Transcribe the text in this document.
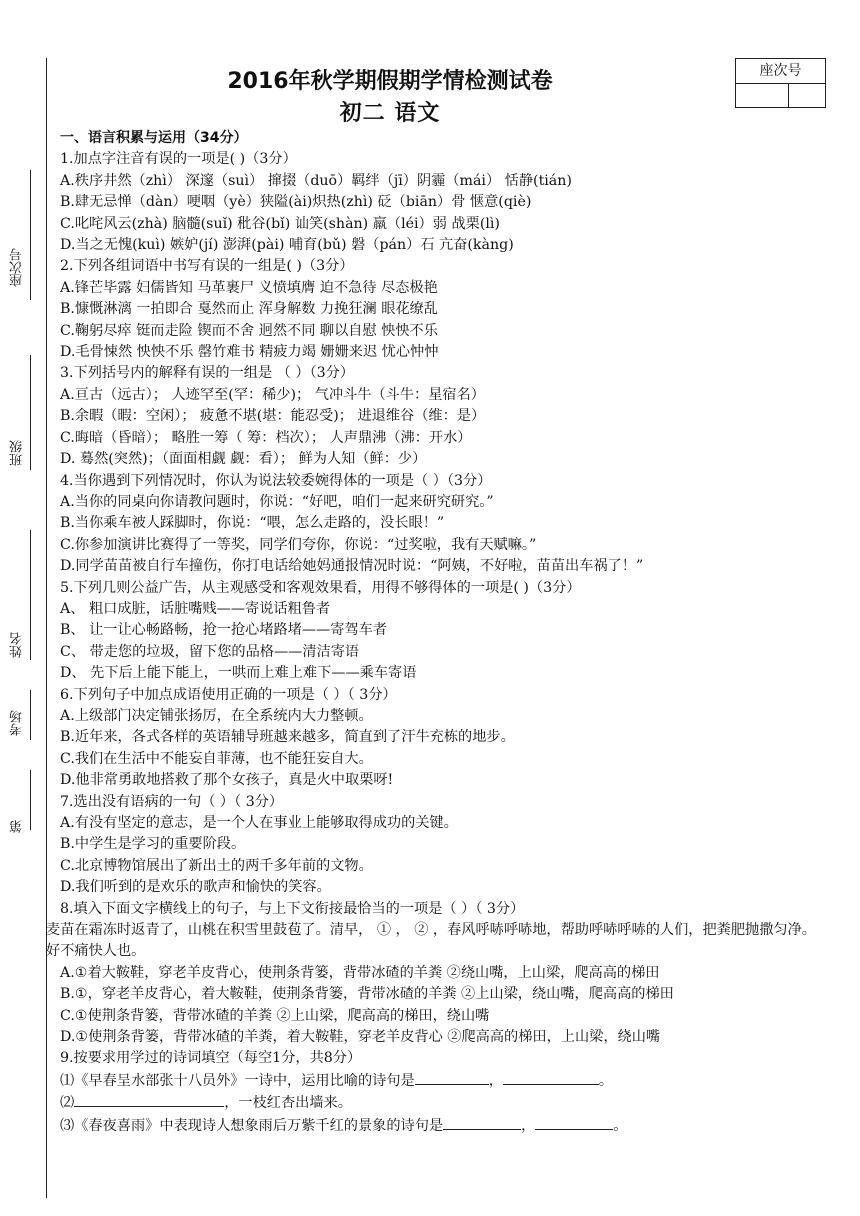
座次号
班级
姓名
考场
第
座次号
2016年秋学期假期学情检测试卷
初二 语文
一、语言积累与运用（34分）
1.加点字注音有误的一项是( )（3分）
A.秩序井然（zhì） 深邃（suì） 撺掇（duō）羁绊（jī）阴霾（mái） 恬静(tián)
B.肆无忌惮（dàn）哽咽（yè）狭隘(ài)炽热(zhì) 砭（biān）骨 惬意(qiè)
C.叱咤风云(zhà) 脑髓(suǐ) 秕谷(bǐ) 讪笑(shàn) 羸（léi）弱 战栗(lì)
D.当之无愧(kuì) 嫉妒(jí) 澎湃(pài) 哺育(bǔ) 磐（pán）石 亢奋(kàng)
2.下列各组词语中书写有误的一组是( )（3分）
A.锋芒毕露 妇儒皆知 马革裹尸 义愤填膺 迫不急待 尽态极艳
B.慷慨淋漓 一拍即合 戛然而止 浑身解数 力挽狂澜 眼花缭乱
C.鞠躬尽瘁 铤而走险 锲而不舍 迥然不同 聊以自慰 怏怏不乐
D.毛骨悚然 怏怏不乐 罄竹难书 精疲力竭 姗姗来迟 忧心忡忡
3.下列括号内的解释有误的一组是 （ ）（3分）
A.亘古（远古）； 人迹罕至(罕：稀少)； 气冲斗牛（斗牛：星宿名）
B.余暇（暇：空闲）； 疲惫不堪(堪：能忍受)； 进退维谷（维：是）
C.晦暗（昏暗）； 略胜一筹（ 筹：档次）； 人声鼎沸（沸：开水）
D. 蓦然(突然)；（面面相觑 觑：看）； 鲜为人知（鲜：少）
4.当你遇到下列情况时，你认为说法较委婉得体的一项是（ ）（3分）
A.当你的同桌向你请教问题时，你说：“好吧，咱们一起来研究研究。”
B.当你乘车被人踩脚时，你说：“喂，怎么走路的，没长眼！”
C.你参加演讲比赛得了一等奖，同学们夸你，你说：“过奖啦，我有天赋嘛。”
D.同学苗苗被自行车撞伤，你打电话给她妈通报情况时说：“阿姨，不好啦，苗苗出车祸了！”
5.下列几则公益广告，从主观感受和客观效果看，用得不够得体的一项是( )（3分）
A、 粗口成脏，话脏嘴贱——寄说话粗鲁者
B、 让一让心畅路畅，抢一抢心堵路堵——寄驾车者
C、 带走您的垃圾，留下您的品格——清洁寄语
D、 先下后上能下能上，一哄而上难上难下——乘车寄语
6.下列句子中加点成语使用正确的一项是（ ）（ 3分）
A.上级部门决定铺张扬厉，在全系统内大力整顿。
B.近年来，各式各样的英语辅导班越来越多，简直到了汗牛充栋的地步。
C.我们在生活中不能妄自菲薄，也不能狂妄自大。
D.他非常勇敢地搭救了那个女孩子，真是火中取栗呀!
7.选出没有语病的一句（ ）（ 3分）
A.有没有坚定的意志，是一个人在事业上能够取得成功的关键。
B.中学生是学习的重要阶段。
C.北京博物馆展出了新出土的两千多年前的文物。
D.我们听到的是欢乐的歌声和愉快的笑容。
8.填入下面文字横线上的句子，与上下文衔接最恰当的一项是（ ）（ 3分）
麦苗在霜冻时返青了，山桃在积雪里鼓苞了。清早， ① ， ② ，春风呼哧呼哧地，帮助呼哧呼哧的人们，把粪肥抛撒匀净。好不痛快人也。
A.①着大鞍鞋，穿老羊皮背心，使荆条背篓，背带冰碴的羊粪 ②绕山嘴，上山梁，爬高高的梯田
B.①，穿老羊皮背心，着大鞍鞋，使荆条背篓，背带冰碴的羊粪 ②上山梁，绕山嘴，爬高高的梯田
C.①使荆条背篓，背带冰碴的羊粪 ②上山梁，爬高高的梯田，绕山嘴
D.①使荆条背篓，背带冰碴的羊粪，着大鞍鞋，穿老羊皮背心 ②爬高高的梯田，上山梁，绕山嘴
9.按要求用学过的诗词填空（每空1分，共8分）
⑴《早春呈水部张十八员外》一诗中，运用比喻的诗句是	，	。
⑵	，一枝红杏出墙来。
⑶《春夜喜雨》中表现诗人想象雨后万紫千红的景象的诗句是	，	。
